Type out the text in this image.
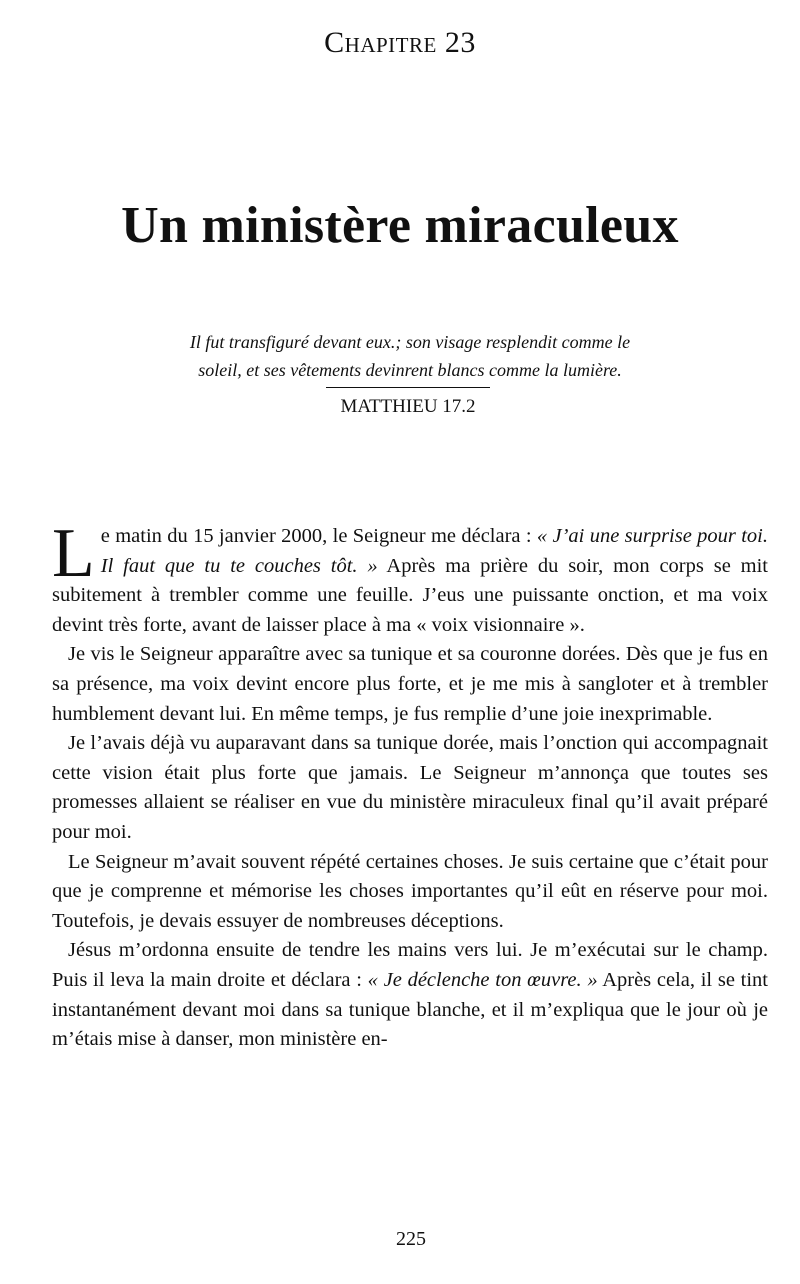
Chapitre 23
Un ministère miraculeux
Il fut transfiguré devant eux.; son visage resplendit comme le
soleil, et ses vêtements devinrent blancs comme la lumière.
MATTHIEU 17.2

Le matin du 15 janvier 2000, le Seigneur me déclara : « J’ai une surprise pour toi. Il faut que tu te couches tôt. » Après ma prière du soir, mon corps se mit subitement à trembler comme une feuille. J’eus une puissante onction, et ma voix devint très forte, avant de laisser place à ma « voix visionnaire ».

Je vis le Seigneur apparaître avec sa tunique et sa couronne dorées. Dès que je fus en sa présence, ma voix devint encore plus forte, et je me mis à sangloter et à trembler humblement devant lui. En même temps, je fus remplie d’une joie inexprimable.

Je l’avais déjà vu auparavant dans sa tunique dorée, mais l’onction qui accompagnait cette vision était plus forte que jamais. Le Seigneur m’annonça que toutes ses promesses allaient se réaliser en vue du ministère miraculeux final qu’il avait préparé pour moi.

Le Seigneur m’avait souvent répété certaines choses. Je suis certaine que c’était pour que je comprenne et mémorise les choses importantes qu’il eût en réserve pour moi. Toutefois, je devais essuyer de nombreuses déceptions.

Jésus m’ordonna ensuite de tendre les mains vers lui. Je m’exécutai sur le champ. Puis il leva la main droite et déclara : « Je déclenche ton œuvre. » Après cela, il se tint instantanément devant moi dans sa tunique blanche, et il m’expliqua que le jour où je m’étais mise à danser, mon ministère en-

225
